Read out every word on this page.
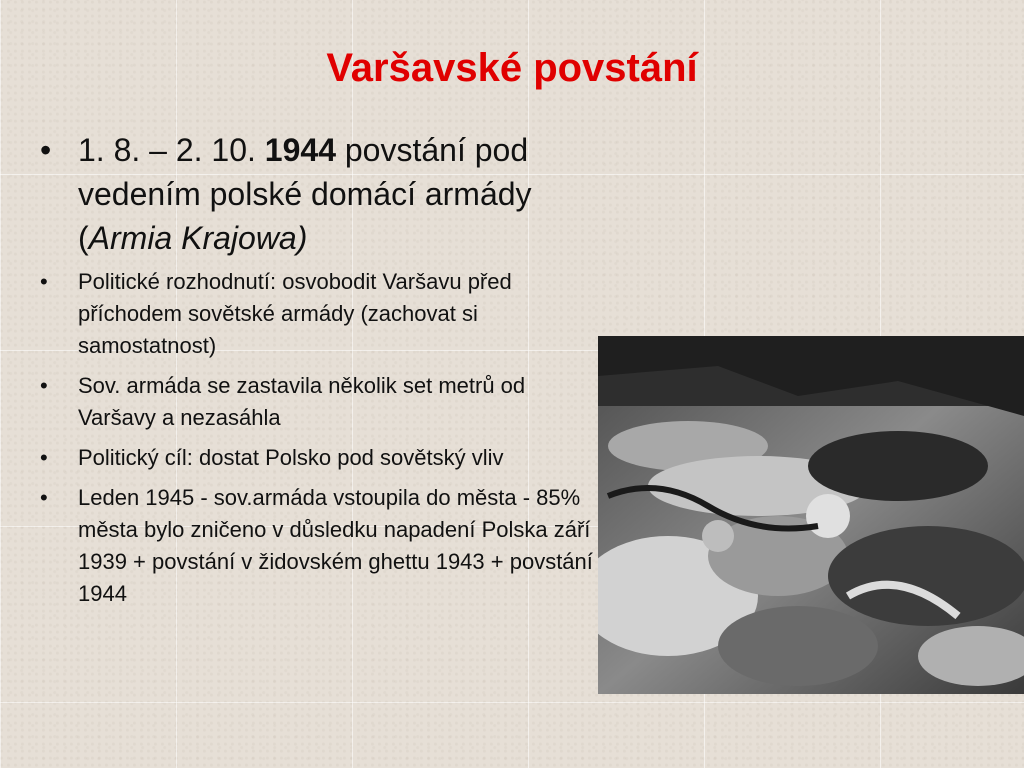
Varšavské povstání
• 1. 8. – 2. 10. 1944 povstání pod vedením polské domácí armády (Armia Krajowa)
• Politické rozhodnutí: osvobodit Varšavu před příchodem sovětské armády (zachovat si samostatnost)
• Sov. armáda se zastavila několik set metrů od Varšavy a nezasáhla
• Politický cíl: dostat Polsko pod sovětský vliv
• Leden 1945 - sov.armáda vstoupila do města - 85% města bylo zničeno v důsledku napadení Polska září 1939 + povstání v židovském ghettu 1943 + povstání 1944
